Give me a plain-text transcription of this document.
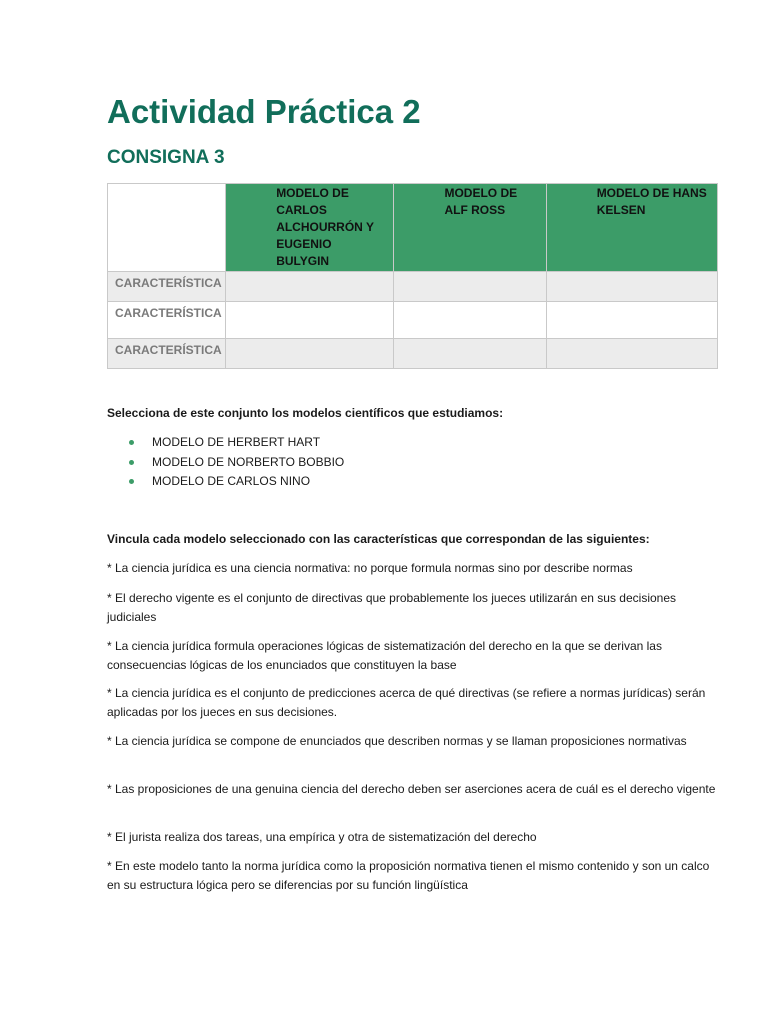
Actividad Práctica 2
CONSIGNA 3

	MODELO DE CARLOS ALCHOURRÓN Y EUGENIO BULYGIN	MODELO DE ALF ROSS	MODELO DE HANS KELSEN

CARACTERÍSTICA			

CARACTERÍSTICA			

CARACTERÍSTICA			

Selecciona de este conjunto los modelos científicos que estudiamos:

MODELO DE HERBERT HART
MODELO DE NORBERTO BOBBIO
MODELO DE CARLOS NINO

Vincula cada modelo seleccionado con las características que correspondan de las siguientes:

* La ciencia jurídica es una ciencia normativa: no porque formula normas sino por describe normas

* El derecho vigente es el conjunto de directivas que probablemente los jueces utilizarán en sus decisiones judiciales

* La ciencia jurídica formula operaciones lógicas de sistematización del derecho en la que se derivan las consecuencias lógicas de los enunciados que constituyen la base

* La ciencia jurídica es el conjunto de predicciones acerca de qué directivas (se refiere a normas jurídicas) serán aplicadas por los jueces en sus decisiones.

* La ciencia jurídica se compone de enunciados que describen normas y se llaman proposiciones normativas

* Las proposiciones de una genuina ciencia del derecho deben ser aserciones acera de cuál es el derecho vigente

* El jurista realiza dos tareas, una empírica y otra de sistematización del derecho

* En este modelo tanto la norma jurídica como la proposición normativa tienen el mismo contenido y son un calco en su estructura lógica pero se diferencias por su función lingüística
